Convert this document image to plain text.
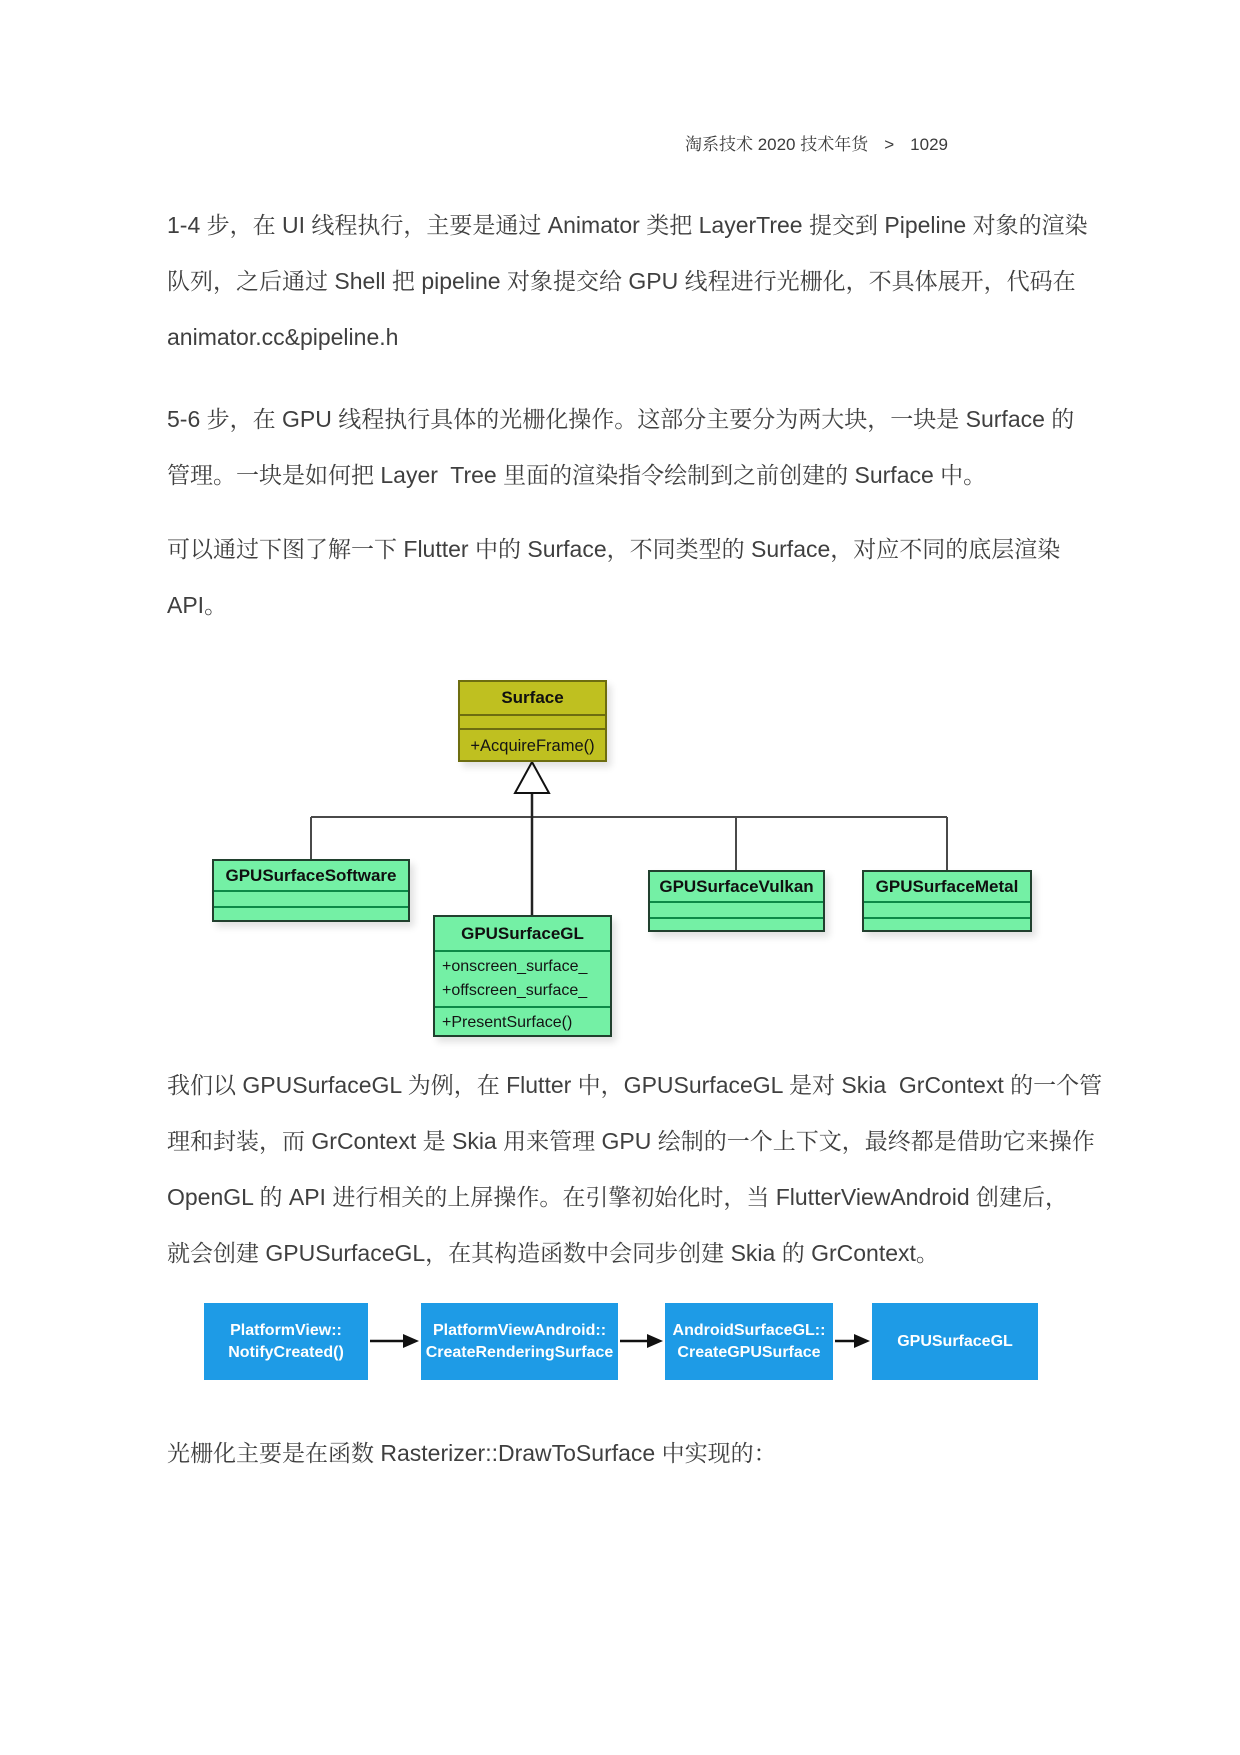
淘系技术 2020 技术年货 > 1029
1-4 步，在 UI 线程执行，主要是通过 Animator 类把 LayerTree 提交到 Pipeline 对象的渲染
队列，之后通过 Shell 把 pipeline 对象提交给 GPU 线程进行光栅化，不具体展开，代码在
animator.cc&pipeline.h
5-6 步，在 GPU 线程执行具体的光栅化操作。这部分主要分为两大块，一块是 Surface 的
管理。一块是如何把 Layer  Tree 里面的渲染指令绘制到之前创建的 Surface 中。
可以通过下图了解一下 Flutter 中的 Surface，不同类型的 Surface，对应不同的底层渲染
API。
Surface
+AcquireFrame()
GPUSurfaceSoftware
GPUSurfaceGL
+onscreen_surface_
+offscreen_surface_
+PresentSurface()
GPUSurfaceVulkan	GPUSurfaceMetal
我们以 GPUSurfaceGL 为例，在 Flutter 中，GPUSurfaceGL 是对 Skia  GrContext 的一个管
理和封装，而 GrContext 是 Skia 用来管理 GPU 绘制的一个上下文，最终都是借助它来操作
OpenGL 的 API 进行相关的上屏操作。在引擎初始化时，当 FlutterViewAndroid 创建后，
就会创建 GPUSurfaceGL，在其构造函数中会同步创建 Skia 的 GrContext。
PlatformView::
NotifyCreated()
PlatformViewAndroid::
CreateRenderingSurface
AndroidSurfaceGL::
CreateGPUSurface
GPUSurfaceGL
光栅化主要是在函数 Rasterizer::DrawToSurface 中实现的：
